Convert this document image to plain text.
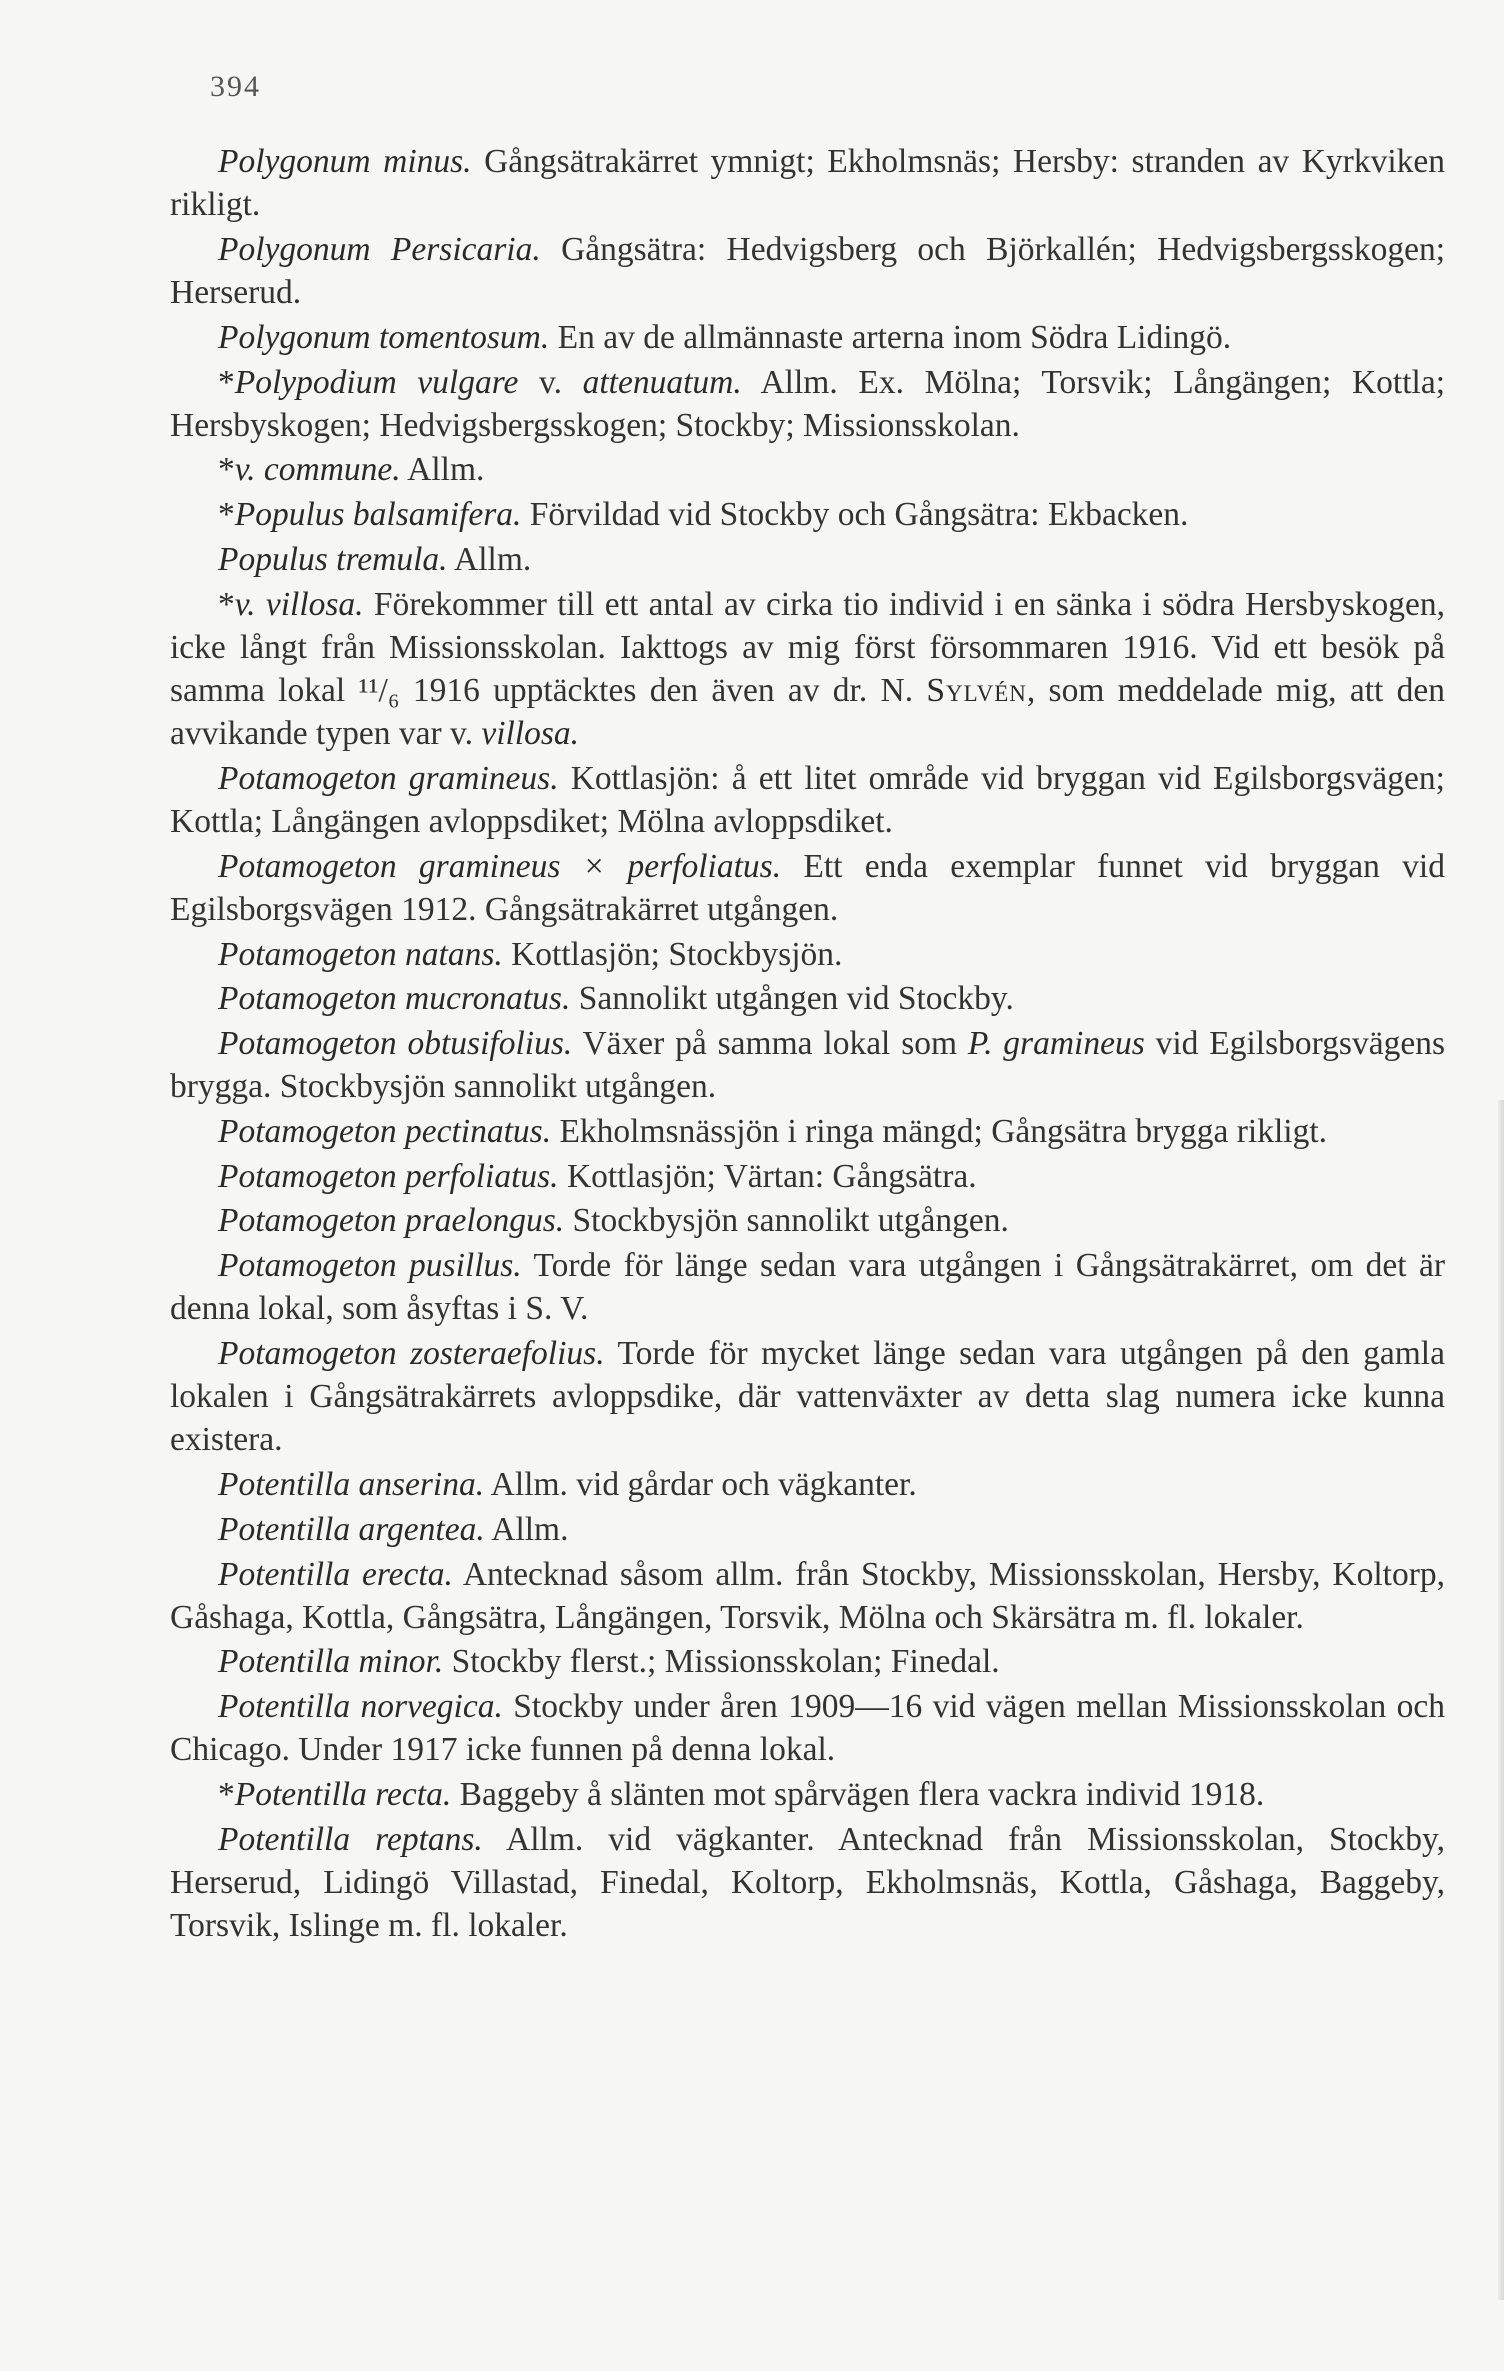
394

Polygonum minus. Gångsätrakärret ymnigt; Ekholmsnäs; Hersby: stranden av Kyrkviken rikligt.

Polygonum Persicaria. Gångsätra: Hedvigsberg och Björkallén; Hedvigsbergsskogen; Herserud.

Polygonum tomentosum. En av de allmännaste arterna inom Södra Lidingö.

*Polypodium vulgare v. attenuatum. Allm. Ex. Mölna; Torsvik; Långängen; Kottla; Hersbyskogen; Hedvigsbergsskogen; Stockby; Missionsskolan.

*v. commune. Allm.

*Populus balsamifera. Förvildad vid Stockby och Gångsätra: Ekbacken.

Populus tremula. Allm.

*v. villosa. Förekommer till ett antal av cirka tio individ i en sänka i södra Hersbyskogen, icke långt från Missionsskolan. Iakttogs av mig först försommaren 1916. Vid ett besök på samma lokal ¹¹/₆ 1916 upptäcktes den även av dr. N. Sylvén, som meddelade mig, att den avvikande typen var v. villosa.

Potamogeton gramineus. Kottlasjön: å ett litet område vid bryggan vid Egilsborgsvägen; Kottla; Långängen avloppsdiket; Mölna avloppsdiket.

Potamogeton gramineus × perfoliatus. Ett enda exemplar funnet vid bryggan vid Egilsborgsvägen 1912. Gångsätrakärret utgången.

Potamogeton natans. Kottlasjön; Stockbysjön.

Potamogeton mucronatus. Sannolikt utgången vid Stockby.

Potamogeton obtusifolius. Växer på samma lokal som P. gramineus vid Egilsborgsvägens brygga. Stockbysjön sannolikt utgången.

Potamogeton pectinatus. Ekholmsnässjön i ringa mängd; Gångsätra brygga rikligt.

Potamogeton perfoliatus. Kottlasjön; Värtan: Gångsätra.

Potamogeton praelongus. Stockbysjön sannolikt utgången.

Potamogeton pusillus. Torde för länge sedan vara utgången i Gångsätrakärret, om det är denna lokal, som åsyftas i S. V.

Potamogeton zosteraefolius. Torde för mycket länge sedan vara utgången på den gamla lokalen i Gångsätrakärrets avloppsdike, där vattenväxter av detta slag numera icke kunna existera.

Potentilla anserina. Allm. vid gårdar och vägkanter.

Potentilla argentea. Allm.

Potentilla erecta. Antecknad såsom allm. från Stockby, Missionsskolan, Hersby, Koltorp, Gåshaga, Kottla, Gångsätra, Långängen, Torsvik, Mölna och Skärsätra m. fl. lokaler.

Potentilla minor. Stockby flerst.; Missionsskolan; Finedal.

Potentilla norvegica. Stockby under åren 1909—16 vid vägen mellan Missionsskolan och Chicago. Under 1917 icke funnen på denna lokal.

*Potentilla recta. Baggeby å slänten mot spårvägen flera vackra individ 1918.

Potentilla reptans. Allm. vid vägkanter. Antecknad från Missionsskolan, Stockby, Herserud, Lidingö Villastad, Finedal, Koltorp, Ekholmsnäs, Kottla, Gåshaga, Baggeby, Torsvik, Islinge m. fl. lokaler.
